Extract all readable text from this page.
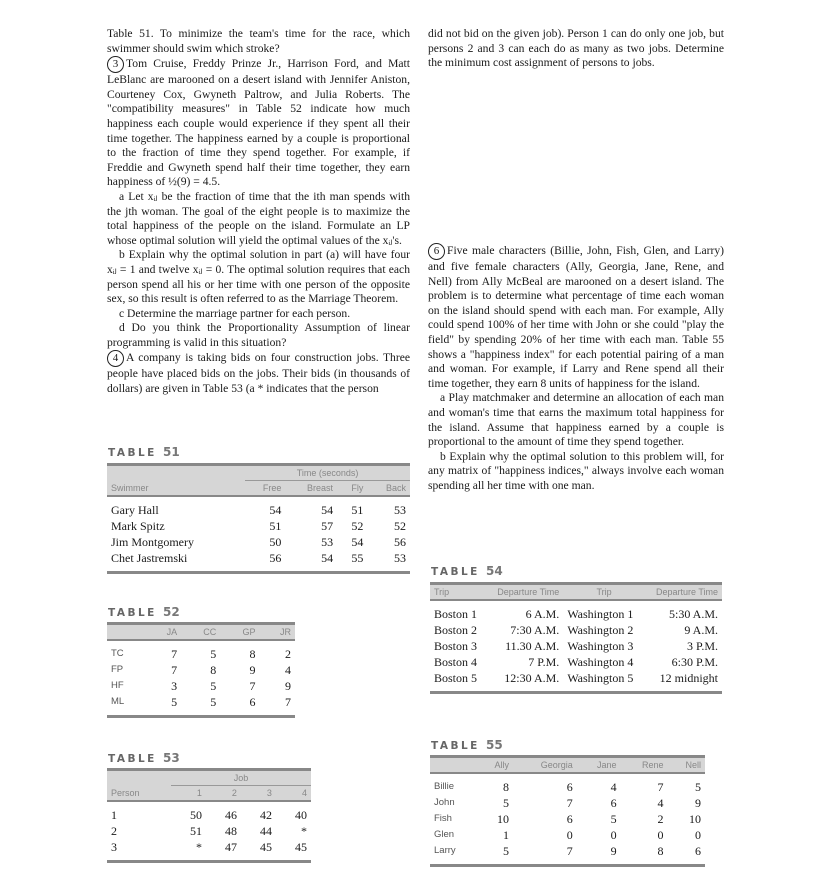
Table 51. To minimize the team's time for the race, which swimmer should swim which stroke?

3 Tom Cruise, Freddy Prinze Jr., Harrison Ford, and Matt LeBlanc are marooned on a desert island with Jennifer Aniston, Courteney Cox, Gwyneth Paltrow, and Julia Roberts. The "compatibility measures" in Table 52 indicate how much happiness each couple would experience if they spent all their time together. The happiness earned by a couple is proportional to the fraction of time they spend together. For example, if Freddie and Gwyneth spend half their time together, they earn happiness of ½(9) = 4.5.

a Let xᵢⱼ be the fraction of time that the ith man spends with the jth woman. The goal of the eight people is to maximize the total happiness of the people on the island. Formulate an LP whose optimal solution will yield the optimal values of the xᵢⱼ's.

b Explain why the optimal solution in part (a) will have four xᵢⱼ = 1 and twelve xᵢⱼ = 0. The optimal solution requires that each person spend all his or her time with one person of the opposite sex, so this result is often referred to as the Marriage Theorem.

c Determine the marriage partner for each person.

d Do you think the Proportionality Assumption of linear programming is valid in this situation?

4 A company is taking bids on four construction jobs. Three people have placed bids on the jobs. Their bids (in thousands of dollars) are given in Table 53 (a * indicates that the person

did not bid on the given job). Person 1 can do only one job, but persons 2 and 3 can each do as many as two jobs. Determine the minimum cost assignment of persons to jobs.

6 Five male characters (Billie, John, Fish, Glen, and Larry) and five female characters (Ally, Georgia, Jane, Rene, and Nell) from Ally McBeal are marooned on a desert island. The problem is to determine what percentage of time each woman on the island should spend with each man. For example, Ally could spend 100% of her time with John or she could "play the field" by spending 20% of her time with each man. Table 55 shows a "happiness index" for each potential pairing of a man and woman. For example, if Larry and Rene spend all their time together, they earn 8 units of happiness for the island.

a Play matchmaker and determine an allocation of each man and woman's time that earns the maximum total happiness for the island. Assume that happiness earned by a couple is proportional to the amount of time they spend together.

b Explain why the optimal solution to this problem will, for any matrix of "happiness indices," always involve each woman spending all her time with one man.

TABLE 51
	Time (seconds)			
Swimmer	Free	Breast	Fly	Back
Gary Hall	54	54	51	53
Mark Spitz	51	57	52	52
Jim Montgomery	50	53	54	56
Chet Jastremski	56	54	55	53
TABLE 52
	JA	CC	GP	JR
TC	7	5	8	2
FP	7	8	9	4
HF	3	5	7	9
ML	5	5	6	7
TABLE 53
	Job			
Person	1	2	3	4
1	50	46	42	40
2	51	48	44	*
3	*	47	45	45
TABLE 54
Trip	Departure Time	Trip	Departure Time
Boston 1	6 A.M.	Washington 1	5:30 A.M.
Boston 2	7:30 A.M.	Washington 2	9 A.M.
Boston 3	11.30 A.M.	Washington 3	3 P.M.
Boston 4	7 P.M.	Washington 4	6:30 P.M.
Boston 5	12:30 A.M.	Washington 5	12 midnight
TABLE 55
	Ally	Georgia	Jane	Rene	Nell
Billie	8	6	4	7	5
John	5	7	6	4	9
Fish	10	6	5	2	10
Glen	1	0	0	0	0
Larry	5	7	9	8	6
